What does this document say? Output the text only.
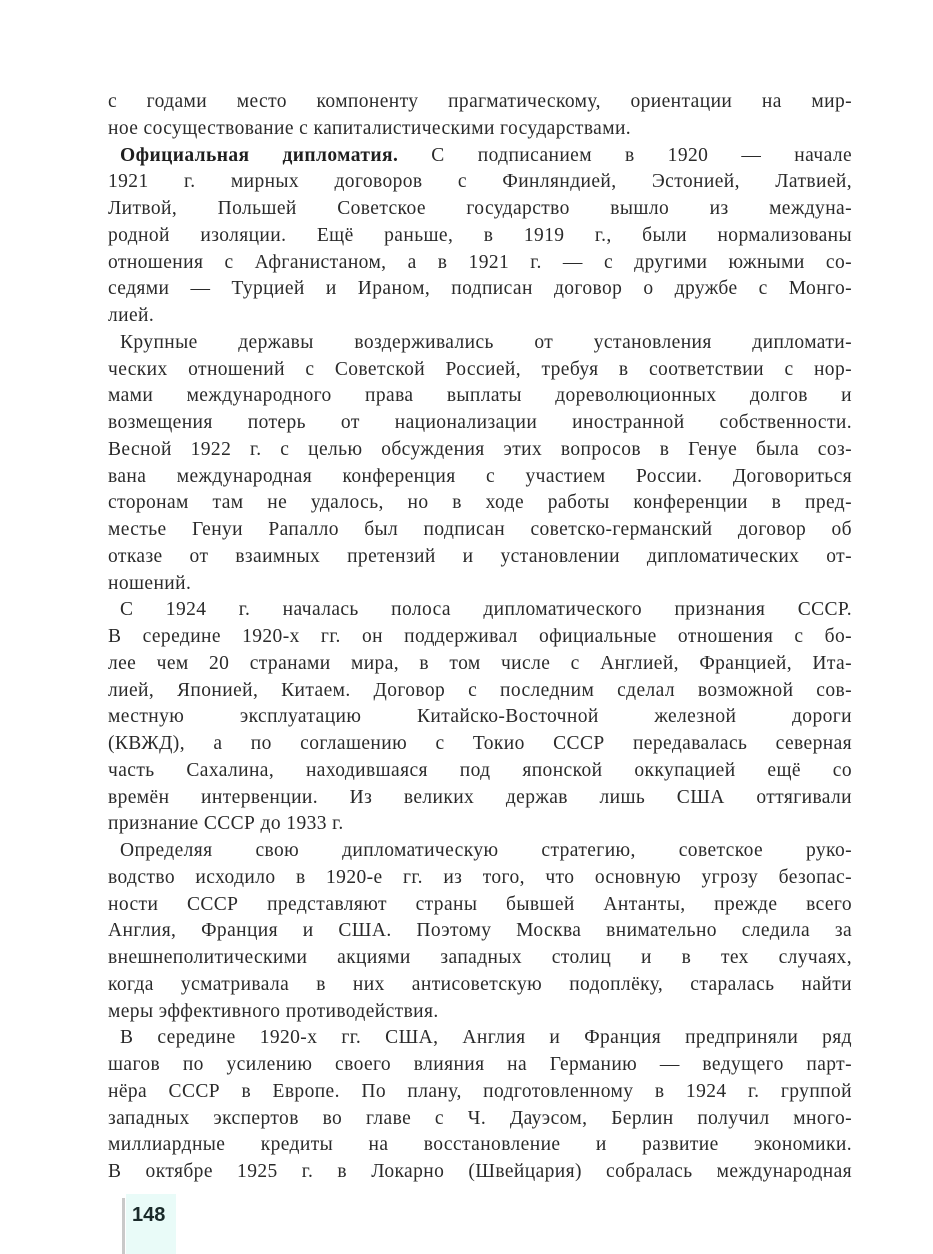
с годами место компоненту прагматическому, ориентации на мир-
ное сосуществование с капиталистическими государствами.
Официальная дипломатия. С подписанием в 1920 — начале
1921 г. мирных договоров с Финляндией, Эстонией, Латвией,
Литвой, Польшей Советское государство вышло из междуна-
родной изоляции. Ещё раньше, в 1919 г., были нормализованы
отношения с Афганистаном, а в 1921 г. — с другими южными со-
седями — Турцией и Ираном, подписан договор о дружбе с Монго-
лией.
Крупные державы воздерживались от установления дипломати-
ческих отношений с Советской Россией, требуя в соответствии с нор-
мами международного права выплаты дореволюционных долгов и
возмещения потерь от национализации иностранной собственности.
Весной 1922 г. с целью обсуждения этих вопросов в Генуе была соз-
вана международная конференция с участием России. Договориться
сторонам там не удалось, но в ходе работы конференции в пред-
местье Генуи Рапалло был подписан советско-германский договор об
отказе от взаимных претензий и установлении дипломатических от-
ношений.
С 1924 г. началась полоса дипломатического признания СССР.
В середине 1920-х гг. он поддерживал официальные отношения с бо-
лее чем 20 странами мира, в том числе с Англией, Францией, Ита-
лией, Японией, Китаем. Договор с последним сделал возможной сов-
местную эксплуатацию Китайско-Восточной железной дороги
(КВЖД), а по соглашению с Токио СССР передавалась северная
часть Сахалина, находившаяся под японской оккупацией ещё со
времён интервенции. Из великих держав лишь США оттягивали
признание СССР до 1933 г.
Определяя свою дипломатическую стратегию, советское руко-
водство исходило в 1920-е гг. из того, что основную угрозу безопас-
ности СССР представляют страны бывшей Антанты, прежде всего
Англия, Франция и США. Поэтому Москва внимательно следила за
внешнеполитическими акциями западных столиц и в тех случаях,
когда усматривала в них антисоветскую подоплёку, старалась найти
меры эффективного противодействия.
В середине 1920-х гг. США, Англия и Франция предприняли ряд
шагов по усилению своего влияния на Германию — ведущего парт-
нёра СССР в Европе. По плану, подготовленному в 1924 г. группой
западных экспертов во главе с Ч. Дауэсом, Берлин получил много-
миллиардные кредиты на восстановление и развитие экономики.
В октябре 1925 г. в Локарно (Швейцария) собралась международная
148
